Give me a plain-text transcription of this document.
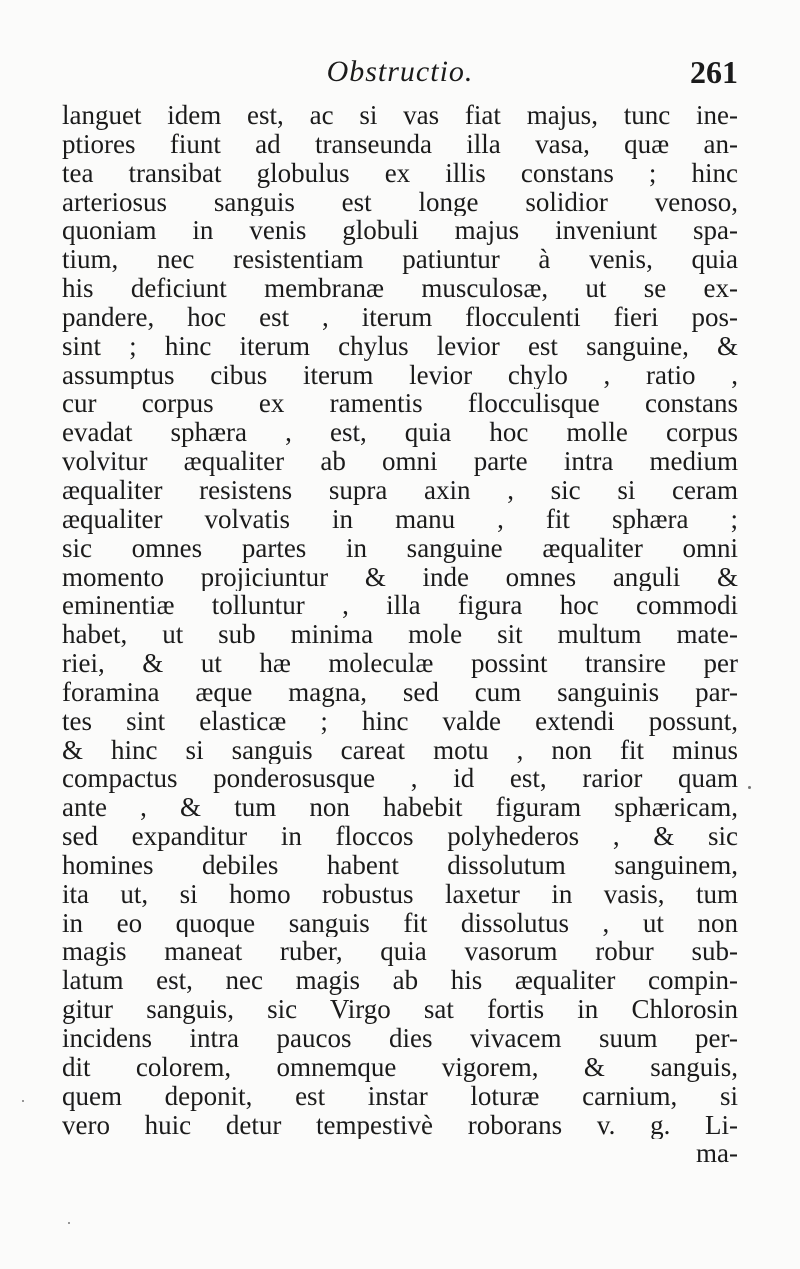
Obstructio.	261
languet idem est, ac si vas fiat majus, tunc ine-
ptiores fiunt ad transeunda illa vasa, quæ an-
tea transibat globulus ex illis constans ; hinc
arteriosus sanguis est longe solidior venoso,
quoniam in venis globuli majus inveniunt spa-
tium, nec resistentiam patiuntur à venis, quia
his deficiunt membranæ musculosæ, ut se ex-
pandere, hoc est , iterum flocculenti fieri pos-
sint ; hinc iterum chylus levior est sanguine, &
assumptus cibus iterum levior chylo , ratio ,
cur corpus ex ramentis flocculisque constans
evadat sphæra , est, quia hoc molle corpus
volvitur æqualiter ab omni parte intra medium
æqualiter resistens supra axin , sic si ceram
æqualiter volvatis in manu , fit sphæra ;
sic omnes partes in sanguine æqualiter omni
momento projiciuntur & inde omnes anguli &
eminentiæ tolluntur , illa figura hoc commodi
habet, ut sub minima mole sit multum mate-
riei, & ut hæ moleculæ possint transire per
foramina æque magna, sed cum sanguinis par-
tes sint elasticæ ; hinc valde extendi possunt,
& hinc si sanguis careat motu , non fit minus
compactus ponderosusque , id est, rarior quam
ante , & tum non habebit figuram sphæricam,
sed expanditur in floccos polyhederos , & sic
homines debiles habent dissolutum sanguinem,
ita ut, si homo robustus laxetur in vasis, tum
in eo quoque sanguis fit dissolutus , ut non
magis maneat ruber, quia vasorum robur sub-
latum est, nec magis ab his æqualiter compin-
gitur sanguis, sic Virgo sat fortis in Chlorosin
incidens intra paucos dies vivacem suum per-
dit colorem, omnemque vigorem, & sanguis,
quem deponit, est instar loturæ carnium, si
vero huic detur tempestivè roborans v. g. Li-
ma-
